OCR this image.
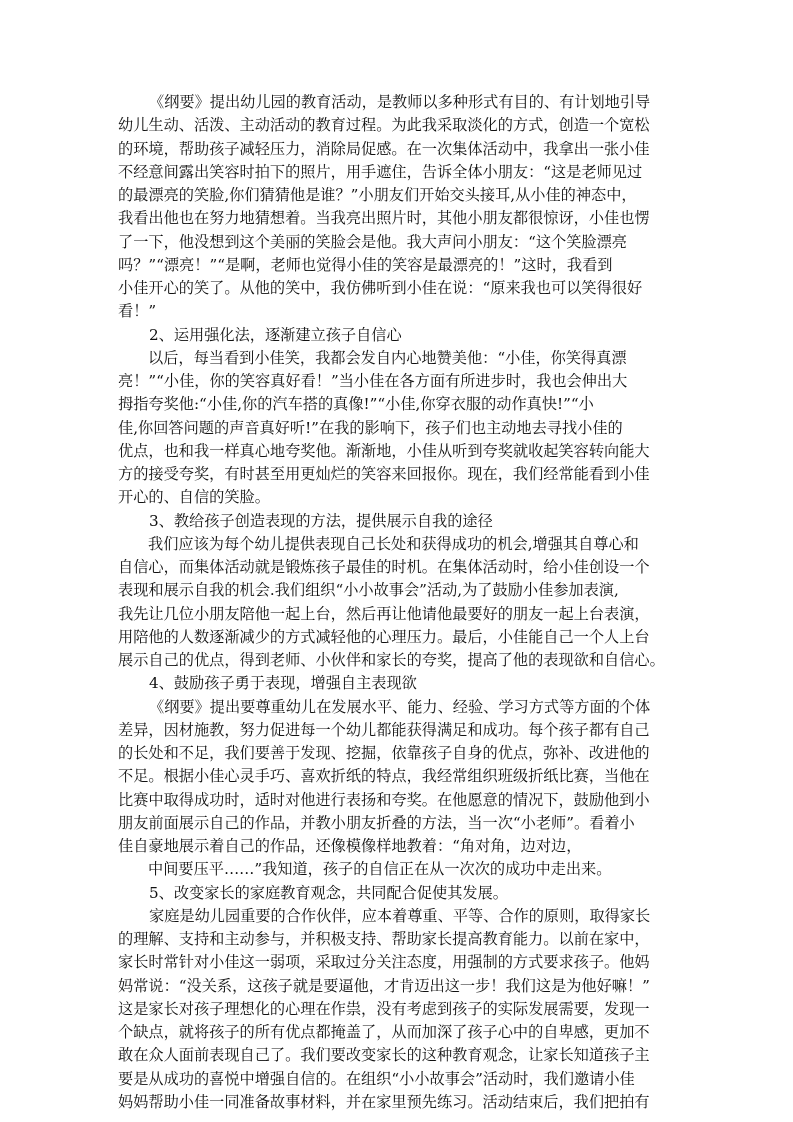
《纲要》提出幼儿园的教育活动，是教师以多种形式有目的、有计划地引导
幼儿生动、活泼、主动活动的教育过程。为此我采取淡化的方式，创造一个宽松
的环境，帮助孩子减轻压力，消除局促感。在一次集体活动中，我拿出一张小佳
不经意间露出笑容时拍下的照片，用手遮住，告诉全体小朋友：“这是老师见过
的最漂亮的笑脸,你们猜猜他是谁？”小朋友们开始交头接耳,从小佳的神态中，
我看出他也在努力地猜想着。当我亮出照片时，其他小朋友都很惊讶，小佳也愣
了一下，他没想到这个美丽的笑脸会是他。我大声问小朋友：“这个笑脸漂亮
吗？”“漂亮！”“是啊，老师也觉得小佳的笑容是最漂亮的！”这时，我看到
小佳开心的笑了。从他的笑中，我仿佛听到小佳在说：“原来我也可以笑得很好
看！”
2、运用强化法，逐渐建立孩子自信心
以后，每当看到小佳笑，我都会发自内心地赞美他：“小佳，你笑得真漂
亮！”“小佳，你的笑容真好看！”当小佳在各方面有所进步时，我也会伸出大
拇指夸奖他:“小佳,你的汽车搭的真像!”“小佳,你穿衣服的动作真快!”“小
佳,你回答问题的声音真好听!”在我的影响下，孩子们也主动地去寻找小佳的
优点，也和我一样真心地夸奖他。渐渐地，小佳从听到夸奖就收起笑容转向能大
方的接受夸奖，有时甚至用更灿烂的笑容来回报你。现在，我们经常能看到小佳
开心的、自信的笑脸。
3、教给孩子创造表现的方法，提供展示自我的途径
我们应该为每个幼儿提供表现自己长处和获得成功的机会,增强其自尊心和
自信心，而集体活动就是锻炼孩子最佳的时机。在集体活动时，给小佳创设一个
表现和展示自我的机会.我们组织“小小故事会”活动,为了鼓励小佳参加表演,
我先让几位小朋友陪他一起上台，然后再让他请他最要好的朋友一起上台表演，
用陪他的人数逐渐减少的方式减轻他的心理压力。最后，小佳能自己一个人上台
展示自己的优点，得到老师、小伙伴和家长的夸奖，提高了他的表现欲和自信心。
4、鼓励孩子勇于表现，增强自主表现欲
《纲要》提出要尊重幼儿在发展水平、能力、经验、学习方式等方面的个体
差异，因材施教，努力促进每一个幼儿都能获得满足和成功。每个孩子都有自己
的长处和不足，我们要善于发现、挖掘，依靠孩子自身的优点，弥补、改进他的
不足。根据小佳心灵手巧、喜欢折纸的特点，我经常组织班级折纸比赛，当他在
比赛中取得成功时，适时对他进行表扬和夸奖。在他愿意的情况下，鼓励他到小
朋友前面展示自己的作品，并教小朋友折叠的方法，当一次“小老师”。看着小
佳自豪地展示着自己的作品，还像模像样地教着：“角对角，边对边，
中间要压平……”我知道，孩子的自信正在从一次次的成功中走出来。
5、改变家长的家庭教育观念，共同配合促使其发展。
家庭是幼儿园重要的合作伙伴，应本着尊重、平等、合作的原则，取得家长
的理解、支持和主动参与，并积极支持、帮助家长提高教育能力。以前在家中，
家长时常针对小佳这一弱项，采取过分关注态度，用强制的方式要求孩子。他妈
妈常说：“没关系，这孩子就是要逼他，才肯迈出这一步！我们这是为他好嘛！”
这是家长对孩子理想化的心理在作祟，没有考虑到孩子的实际发展需要，发现一
个缺点，就将孩子的所有优点都掩盖了，从而加深了孩子心中的自卑感，更加不
敢在众人面前表现自己了。我们要改变家长的这种教育观念，让家长知道孩子主
要是从成功的喜悦中增强自信的。在组织“小小故事会”活动时，我们邀请小佳
妈妈帮助小佳一同准备故事材料，并在家里预先练习。活动结束后，我们把拍有
